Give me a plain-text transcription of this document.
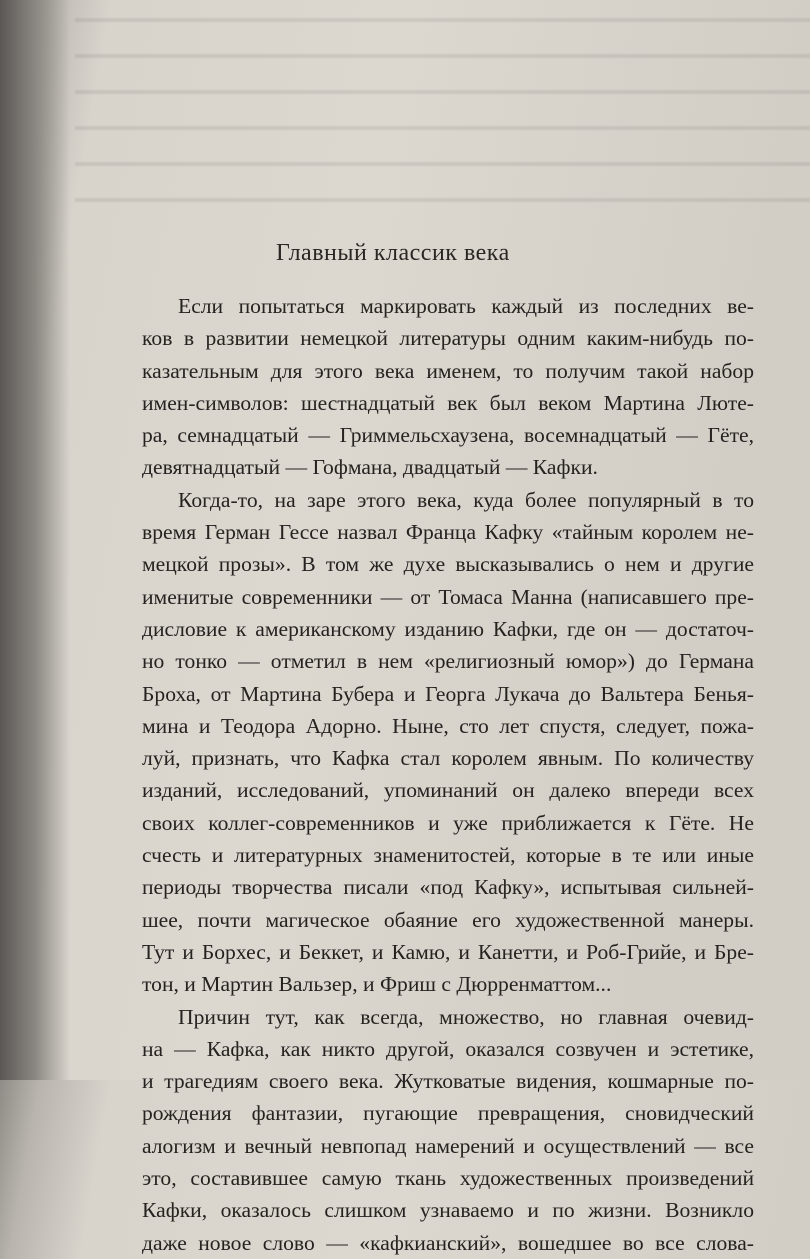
Главный классик века
Если попытаться маркировать каждый из последних ве-
ков в развитии немецкой литературы одним каким-нибудь по-
казательным для этого века именем, то получим такой набор
имен-символов: шестнадцатый век был веком Мартина Люте-
ра, семнадцатый — Гриммельсхаузена, восемнадцатый — Гёте,
девятнадцатый — Гофмана, двадцатый — Кафки.
Когда-то, на заре этого века, куда более популярный в то
время Герман Гессе назвал Франца Кафку «тайным королем не-
мецкой прозы». В том же духе высказывались о нем и другие
именитые современники — от Томаса Манна (написавшего пре-
дисловие к американскому изданию Кафки, где он — достаточ-
но тонко — отметил в нем «религиозный юмор») до Германа
Броха, от Мартина Бубера и Георга Лукача до Вальтера Бенья-
мина и Теодора Адорно. Ныне, сто лет спустя, следует, пожа-
луй, признать, что Кафка стал королем явным. По количеству
изданий, исследований, упоминаний он далеко впереди всех
своих коллег-современников и уже приближается к Гёте. Не
счесть и литературных знаменитостей, которые в те или иные
периоды творчества писали «под Кафку», испытывая сильней-
шее, почти магическое обаяние его художественной манеры.
Тут и Борхес, и Беккет, и Камю, и Канетти, и Роб-Грийе, и Бре-
тон, и Мартин Вальзер, и Фриш с Дюрренматтом...
Причин тут, как всегда, множество, но главная очевид-
на — Кафка, как никто другой, оказался созвучен и эстетике,
и трагедиям своего века. Жутковатые видения, кошмарные по-
рождения фантазии, пугающие превращения, сновидческий
алогизм и вечный невпопад намерений и осуществлений — все
это, составившее самую ткань художественных произведений
Кафки, оказалось слишком узнаваемо и по жизни. Возникло
даже новое слово — «кафкианский», вошедшее во все слова-
